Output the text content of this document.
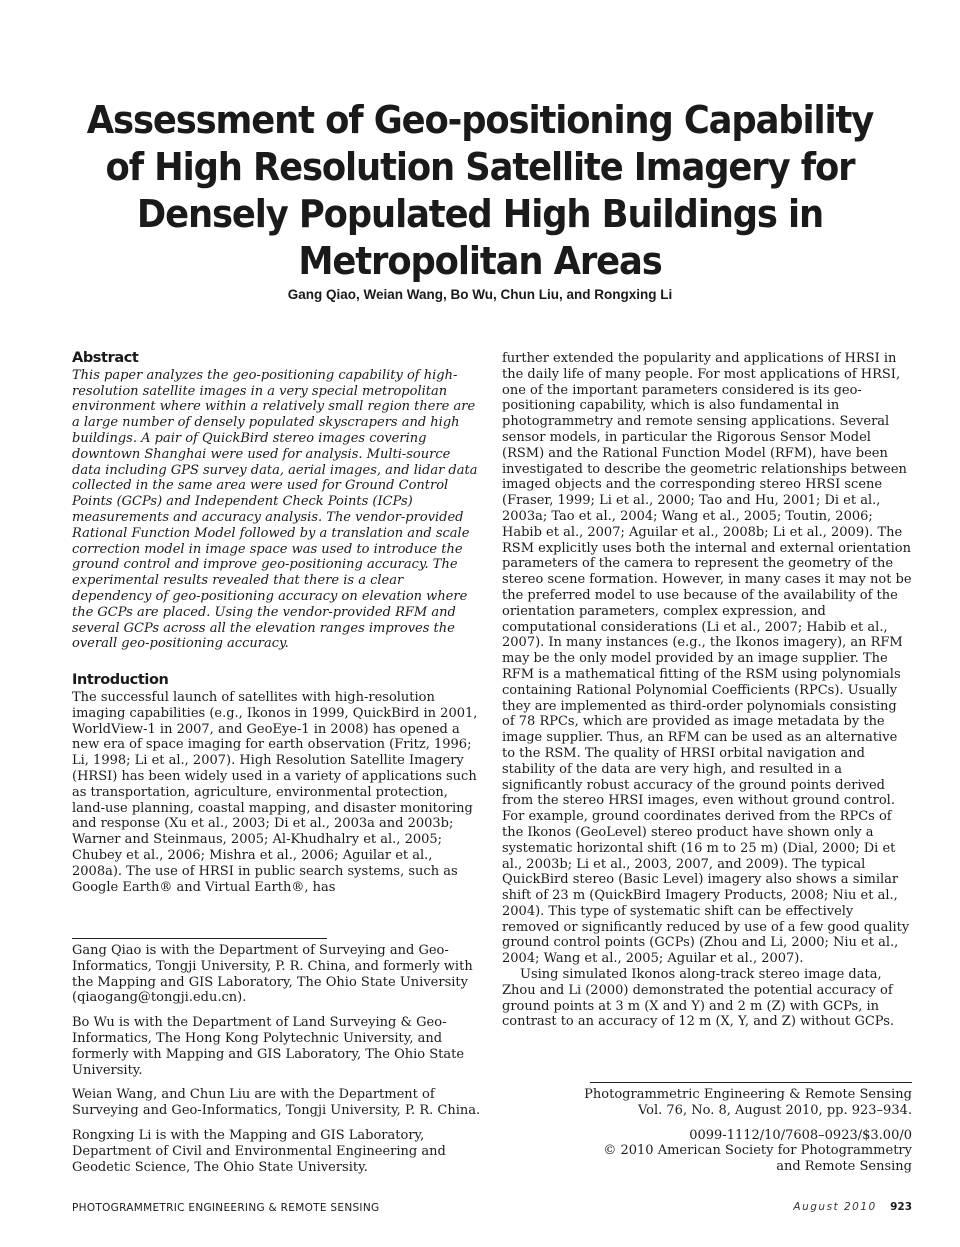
Assessment of Geo-positioning Capability of High Resolution Satellite Imagery for Densely Populated High Buildings in Metropolitan Areas
Gang Qiao, Weian Wang, Bo Wu, Chun Liu, and Rongxing Li
Abstract
This paper analyzes the geo-positioning capability of high-resolution satellite images in a very special metropolitan environment where within a relatively small region there are a large number of densely populated skyscrapers and high buildings. A pair of QuickBird stereo images covering downtown Shanghai were used for analysis. Multi-source data including GPS survey data, aerial images, and lidar data collected in the same area were used for Ground Control Points (GCPs) and Independent Check Points (ICPs) measurements and accuracy analysis. The vendor-provided Rational Function Model followed by a translation and scale correction model in image space was used to introduce the ground control and improve geo-positioning accuracy. The experimental results revealed that there is a clear dependency of geo-positioning accuracy on elevation where the GCPs are placed. Using the vendor-provided RFM and several GCPs across all the elevation ranges improves the overall geo-positioning accuracy.
Introduction

The successful launch of satellites with high-resolution imaging capabilities (e.g., Ikonos in 1999, QuickBird in 2001, WorldView-1 in 2007, and GeoEye-1 in 2008) has opened a new era of space imaging for earth observation (Fritz, 1996; Li, 1998; Li et al., 2007). High Resolution Satellite Imagery (HRSI) has been widely used in a variety of applications such as transportation, agriculture, environmental protection, land-use planning, coastal mapping, and disaster monitoring and response (Xu et al., 2003; Di et al., 2003a and 2003b; Warner and Steinmaus, 2005; Al-Khudhalry et al., 2005; Chubey et al., 2006; Mishra et al., 2006; Aguilar et al., 2008a). The use of HRSI in public search systems, such as Google Earth® and Virtual Earth®, has

further extended the popularity and applications of HRSI in the daily life of many people. For most applications of HRSI, one of the important parameters considered is its geo-positioning capability, which is also fundamental in photogrammetry and remote sensing applications. Several sensor models, in particular the Rigorous Sensor Model (RSM) and the Rational Function Model (RFM), have been investigated to describe the geometric relationships between imaged objects and the corresponding stereo HRSI scene (Fraser, 1999; Li et al., 2000; Tao and Hu, 2001; Di et al., 2003a; Tao et al., 2004; Wang et al., 2005; Toutin, 2006; Habib et al., 2007; Aguilar et al., 2008b; Li et al., 2009). The RSM explicitly uses both the internal and external orientation parameters of the camera to represent the geometry of the stereo scene formation. However, in many cases it may not be the preferred model to use because of the availability of the orientation parameters, complex expression, and computational considerations (Li et al., 2007; Habib et al., 2007). In many instances (e.g., the Ikonos imagery), an RFM may be the only model provided by an image supplier. The RFM is a mathematical fitting of the RSM using polynomials containing Rational Polynomial Coefficients (RPCs). Usually they are implemented as third-order polynomials consisting of 78 RPCs, which are provided as image metadata by the image supplier. Thus, an RFM can be used as an alternative to the RSM. The quality of HRSI orbital navigation and stability of the data are very high, and resulted in a significantly robust accuracy of the ground points derived from the stereo HRSI images, even without ground control. For example, ground coordinates derived from the RPCs of the Ikonos (GeoLevel) stereo product have shown only a systematic horizontal shift (16 m to 25 m) (Dial, 2000; Di et al., 2003b; Li et al., 2003, 2007, and 2009). The typical QuickBird stereo (Basic Level) imagery also shows a similar shift of 23 m (QuickBird Imagery Products, 2008; Niu et al., 2004). This type of systematic shift can be effectively removed or significantly reduced by use of a few good quality ground control points (GCPs) (Zhou and Li, 2000; Niu et al., 2004; Wang et al., 2005; Aguilar et al., 2007).

Using simulated Ikonos along-track stereo image data, Zhou and Li (2000) demonstrated the potential accuracy of ground points at 3 m (X and Y) and 2 m (Z) with GCPs, in contrast to an accuracy of 12 m (X, Y, and Z) without GCPs.

Gang Qiao is with the Department of Surveying and Geo-Informatics, Tongji University, P. R. China, and formerly with the Mapping and GIS Laboratory, The Ohio State University (qiaogang@tongji.edu.cn).
Bo Wu is with the Department of Land Surveying & Geo-Informatics, The Hong Kong Polytechnic University, and formerly with Mapping and GIS Laboratory, The Ohio State University.
Weian Wang, and Chun Liu are with the Department of Surveying and Geo-Informatics, Tongji University, P. R. China.
Rongxing Li is with the Mapping and GIS Laboratory, Department of Civil and Environmental Engineering and Geodetic Science, The Ohio State University.
Photogrammetric Engineering & Remote Sensing
Vol. 76, No. 8, August 2010, pp. 923–934.
0099-1112/10/7608–0923/$3.00/0
© 2010 American Society for Photogrammetry
and Remote Sensing
PHOTOGRAMMETRIC ENGINEERING & REMOTE SENSING	August 2010 923
